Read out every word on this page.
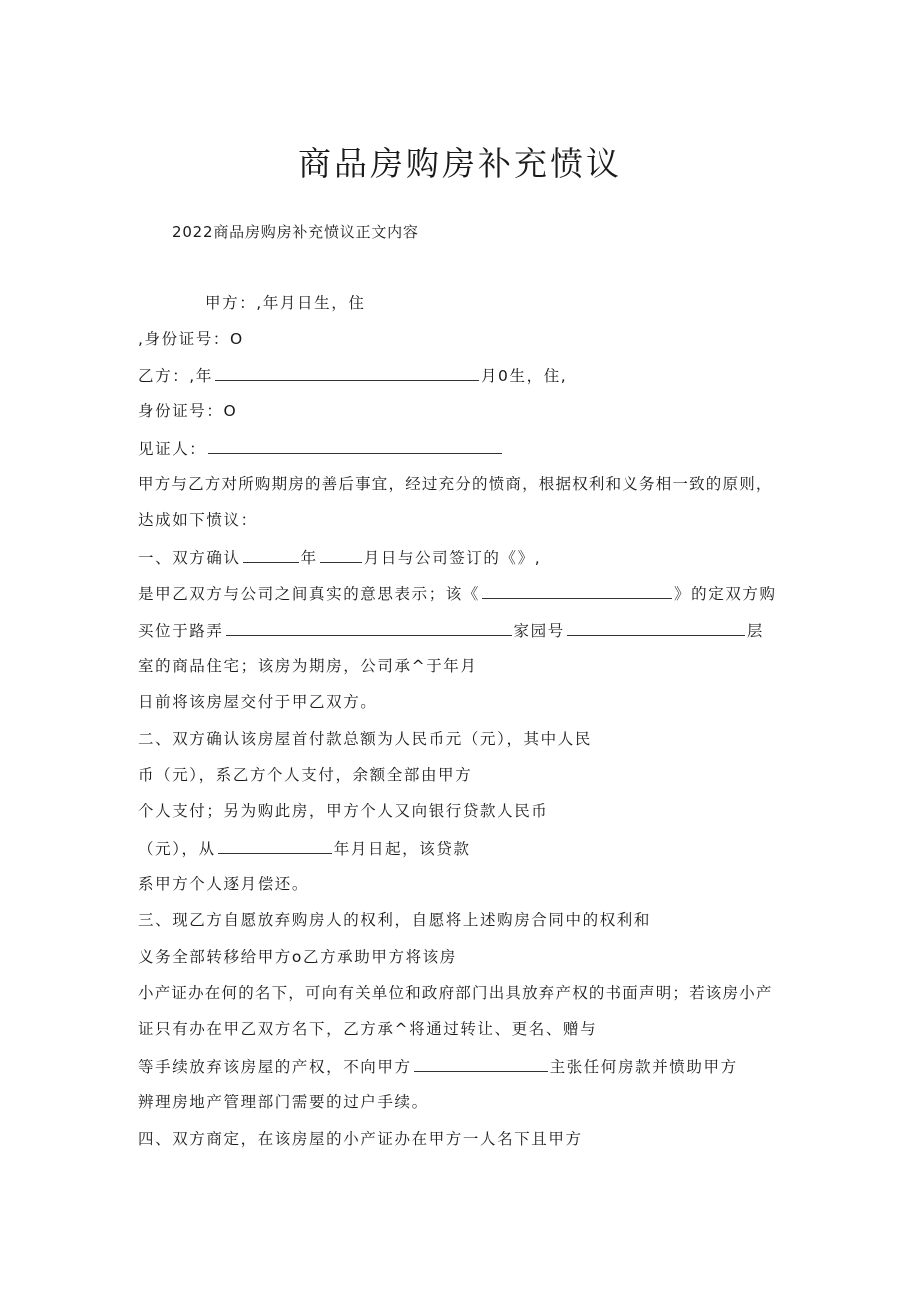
商品房购房补充愤议
2022商品房购房补充愤议正文内容
甲方：,年月日生，住
,身份证号：O
乙方：,年	月0生，住,
身份证号：O
见证人：
甲方与乙方对所购期房的善后事宜，经过充分的愤商，根据权利和义务相一致的原则，
达成如下愤议：
一、双方确认	年	月日与公司签订的《》,
是甲乙双方与公司之间真实的意思表示；该《	》的定双方购
买位于路弄	家园号	层
室的商品住宅；该房为期房，公司承^于年月
日前将该房屋交付于甲乙双方。
二、双方确认该房屋首付款总额为人民币元（元），其中人民
币（元），系乙方个人支付，余额全部由甲方
个人支付；另为购此房，甲方个人又向银行贷款人民币
（元），从	年月日起，该贷款
系甲方个人逐月偿还。
三、现乙方自愿放弃购房人的权利，自愿将上述购房合同中的权利和
义务全部转移给甲方o乙方承助甲方将该房
小产证办在何的名下，可向有关单位和政府部门出具放弃产权的书面声明；若该房小产
证只有办在甲乙双方名下，乙方承^将通过转让、更名、赠与
等手续放弃该房屋的产权，不向甲方	主张任何房款并愤助甲方
辨理房地产管理部门需要的过户手续。
四、双方商定，在该房屋的小产证办在甲方一人名下且甲方
